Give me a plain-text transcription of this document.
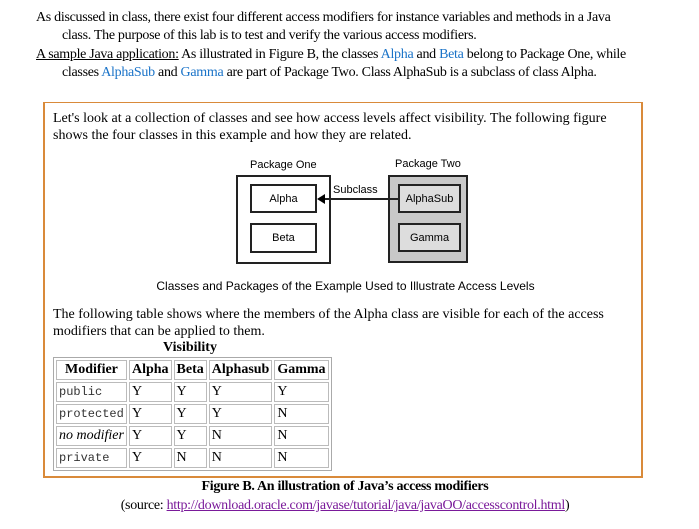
As discussed in class, there exist four different access modifiers for instance variables and methods in a Java
class. The purpose of this lab is to test and verify the various access modifiers.
A sample Java application: As illustrated in Figure B, the classes Alpha and Beta belong to Package One, while
classes AlphaSub and Gamma are part of Package Two. Class AlphaSub is a subclass of class Alpha.
Let's look at a collection of classes and see how access levels affect visibility. The following figure shows the four classes in this example and how they are related.
Package One	Package Two
Alpha
Beta
AlphaSub
Gamma
Subclass
Classes and Packages of the Example Used to Illustrate Access Levels
The following table shows where the members of the Alpha class are visible for each of the access modifiers that can be applied to them.
Visibility
Modifier	Alpha	Beta	Alphasub	Gamma
public	Y	Y	Y	Y
protected	Y	Y	Y	N
no modifier	Y	Y	N	N
private	Y	N	N	N
Figure B. An illustration of Java’s access modifiers
(source: http://download.oracle.com/javase/tutorial/java/javaOO/accesscontrol.html)
